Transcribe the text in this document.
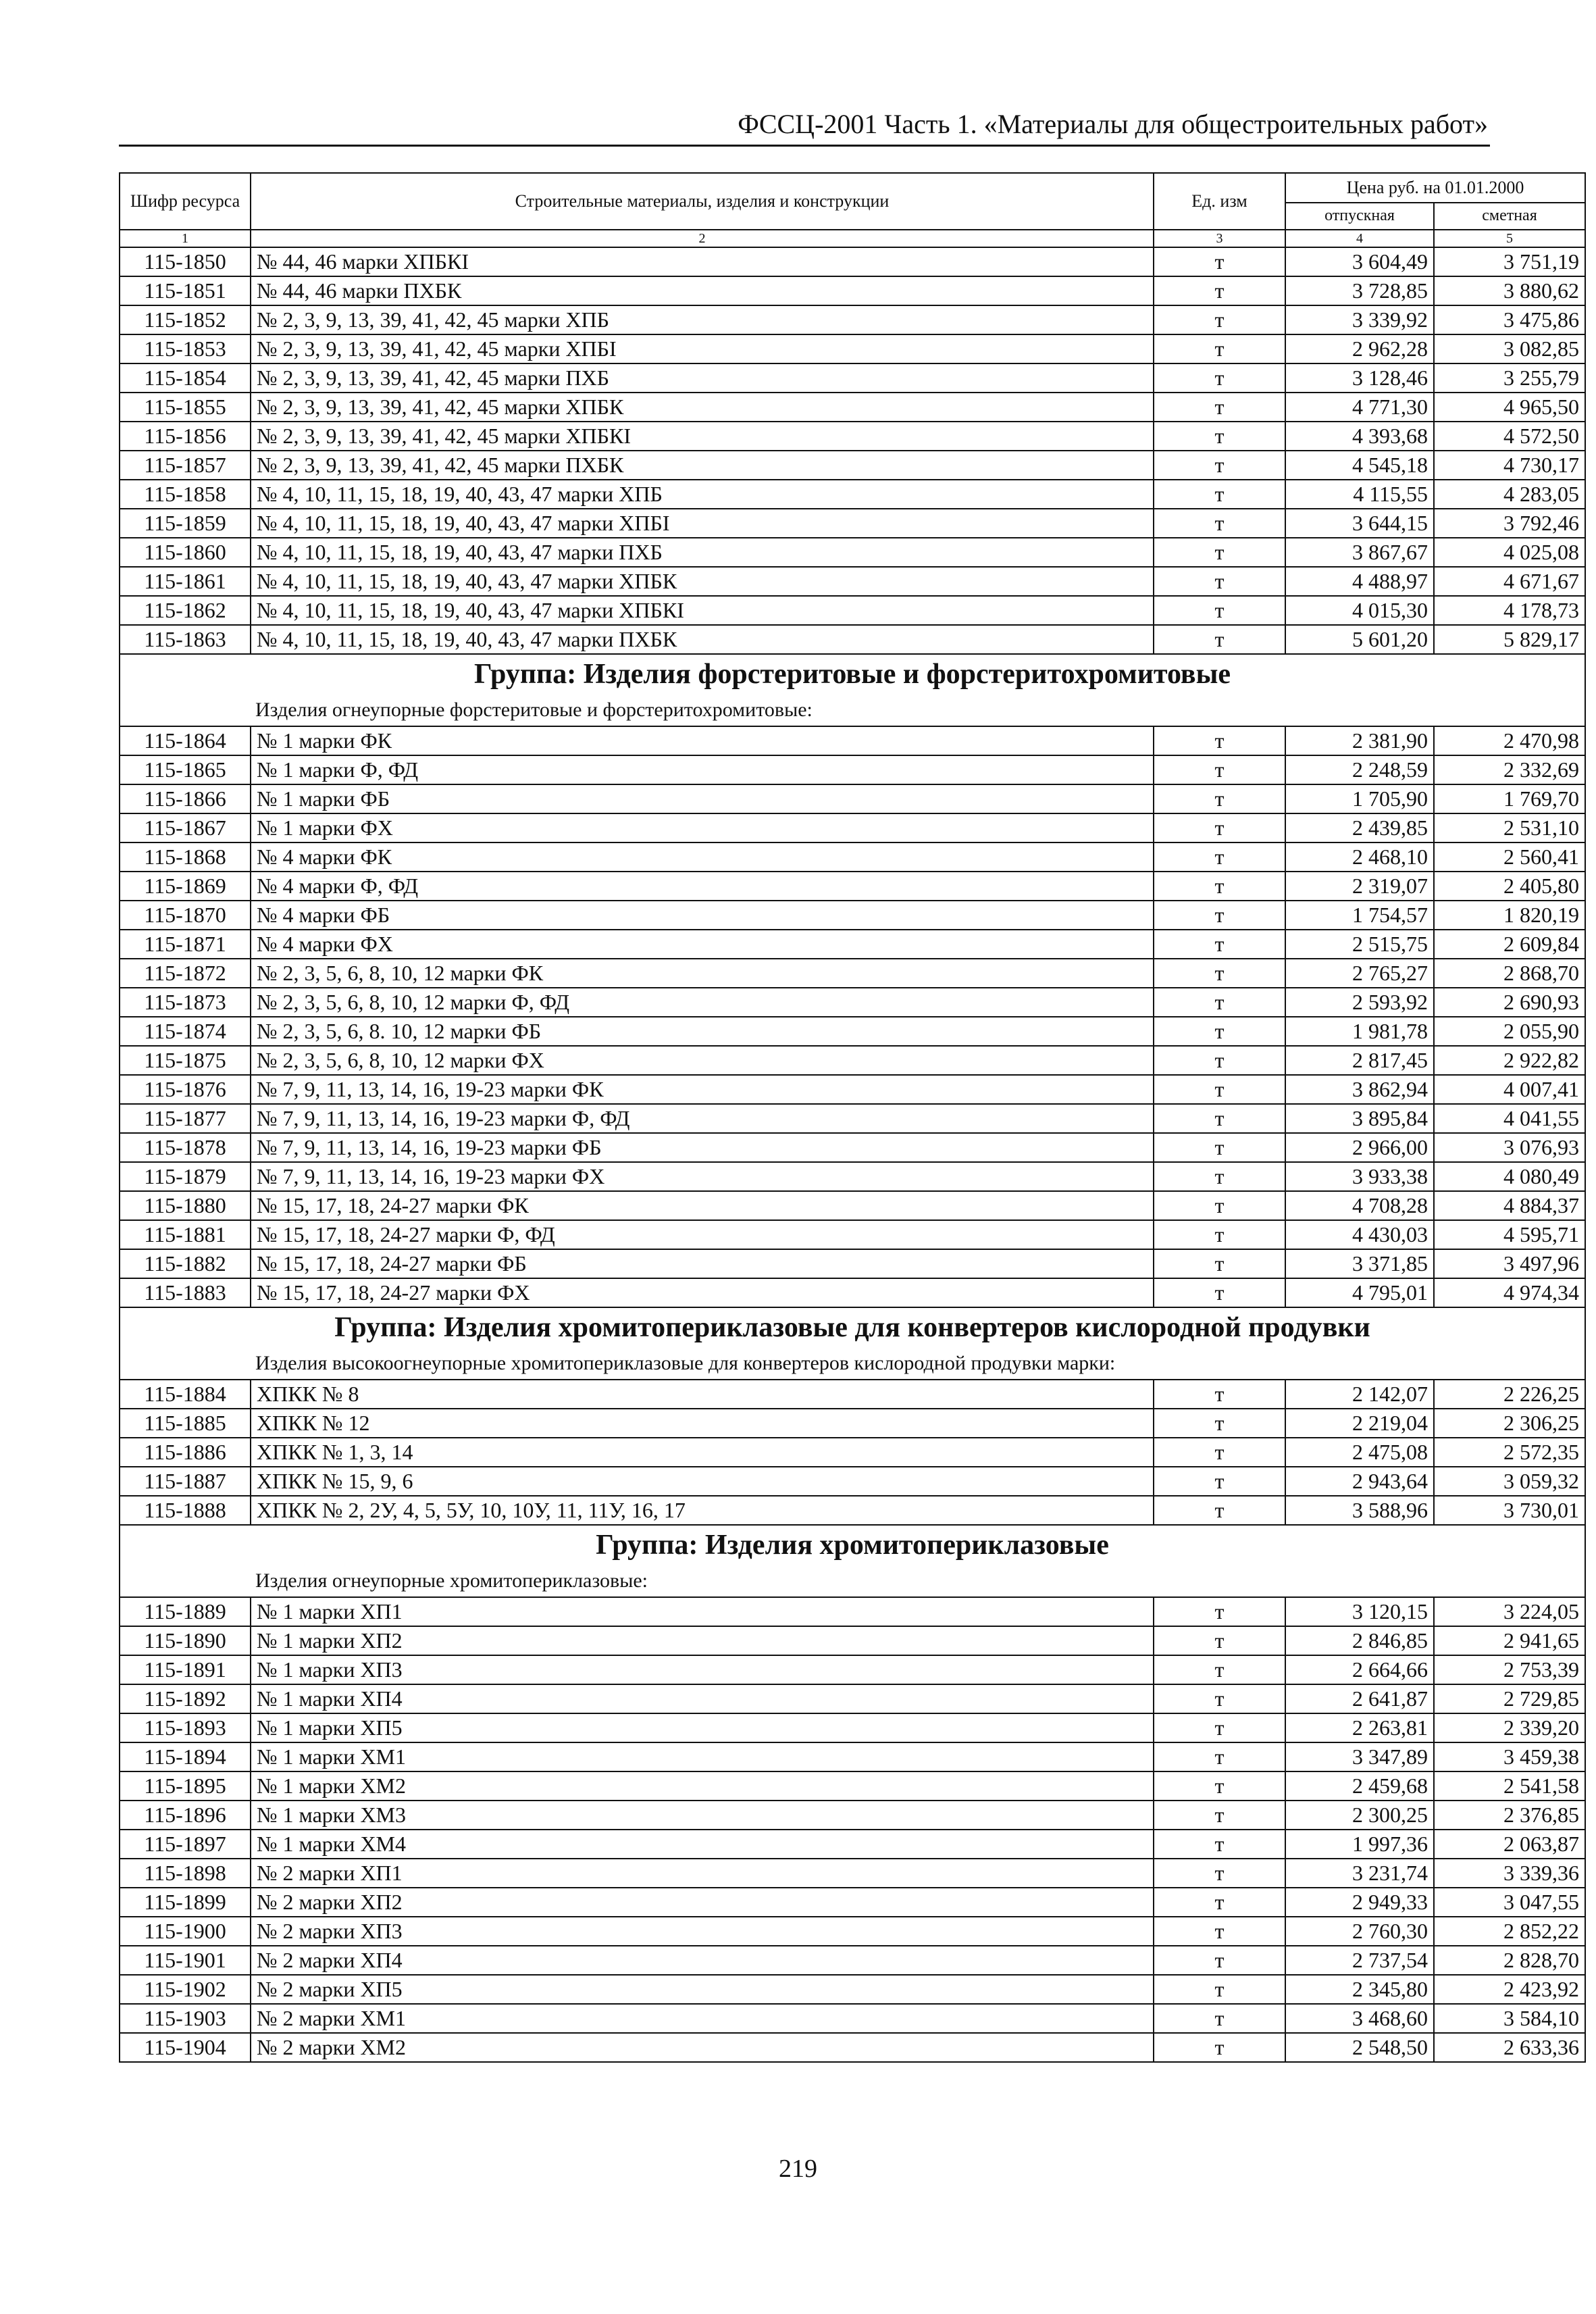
ФССЦ-2001 Часть 1. «Материалы для общестроительных работ»
Шифр ресурса	Строительные материалы, изделия и конструкции	Ед. изм	Цена руб. на 01.01.2000	
			отпускная	сметная
1	2	3	4	5
115-1850	№ 44, 46 марки ХПБКI	т	3 604,49	3 751,19
115-1851	№ 44, 46 марки ПХБК	т	3 728,85	3 880,62
115-1852	№ 2, 3, 9, 13, 39, 41, 42, 45 марки ХПБ	т	3 339,92	3 475,86
115-1853	№ 2, 3, 9, 13, 39, 41, 42, 45 марки ХПБI	т	2 962,28	3 082,85
115-1854	№ 2, 3, 9, 13, 39, 41, 42, 45 марки ПХБ	т	3 128,46	3 255,79
115-1855	№ 2, 3, 9, 13, 39, 41, 42, 45 марки ХПБК	т	4 771,30	4 965,50
115-1856	№ 2, 3, 9, 13, 39, 41, 42, 45 марки ХПБКI	т	4 393,68	4 572,50
115-1857	№ 2, 3, 9, 13, 39, 41, 42, 45 марки ПХБК	т	4 545,18	4 730,17
115-1858	№ 4, 10, 11, 15, 18, 19, 40, 43, 47 марки ХПБ	т	4 115,55	4 283,05
115-1859	№ 4, 10, 11, 15, 18, 19, 40, 43, 47 марки ХПБI	т	3 644,15	3 792,46
115-1860	№ 4, 10, 11, 15, 18, 19, 40, 43, 47 марки ПХБ	т	3 867,67	4 025,08
115-1861	№ 4, 10, 11, 15, 18, 19, 40, 43, 47 марки ХПБК	т	4 488,97	4 671,67
115-1862	№ 4, 10, 11, 15, 18, 19, 40, 43, 47 марки ХПБКI	т	4 015,30	4 178,73
115-1863	№ 4, 10, 11, 15, 18, 19, 40, 43, 47 марки ПХБК	т	5 601,20	5 829,17
Группа: Изделия форстеритовые и форстеритохромитовые				
Изделия огнеупорные форстеритовые и форстеритохромитовые:				
115-1864	№ 1 марки ФК	т	2 381,90	2 470,98
115-1865	№ 1 марки Ф, ФД	т	2 248,59	2 332,69
115-1866	№ 1 марки ФБ	т	1 705,90	1 769,70
115-1867	№ 1 марки ФХ	т	2 439,85	2 531,10
115-1868	№ 4 марки ФК	т	2 468,10	2 560,41
115-1869	№ 4 марки Ф, ФД	т	2 319,07	2 405,80
115-1870	№ 4 марки ФБ	т	1 754,57	1 820,19
115-1871	№ 4 марки ФХ	т	2 515,75	2 609,84
115-1872	№ 2, 3, 5, 6, 8, 10, 12 марки ФК	т	2 765,27	2 868,70
115-1873	№ 2, 3, 5, 6, 8, 10, 12 марки Ф, ФД	т	2 593,92	2 690,93
115-1874	№ 2, 3, 5, 6, 8. 10, 12 марки ФБ	т	1 981,78	2 055,90
115-1875	№ 2, 3, 5, 6, 8, 10, 12 марки ФХ	т	2 817,45	2 922,82
115-1876	№ 7, 9, 11, 13, 14, 16, 19-23 марки ФК	т	3 862,94	4 007,41
115-1877	№ 7, 9, 11, 13, 14, 16, 19-23 марки Ф, ФД	т	3 895,84	4 041,55
115-1878	№ 7, 9, 11, 13, 14, 16, 19-23 марки ФБ	т	2 966,00	3 076,93
115-1879	№ 7, 9, 11, 13, 14, 16, 19-23 марки ФХ	т	3 933,38	4 080,49
115-1880	№ 15, 17, 18, 24-27 марки ФК	т	4 708,28	4 884,37
115-1881	№ 15, 17, 18, 24-27 марки Ф, ФД	т	4 430,03	4 595,71
115-1882	№ 15, 17, 18, 24-27 марки ФБ	т	3 371,85	3 497,96
115-1883	№ 15, 17, 18, 24-27 марки ФХ	т	4 795,01	4 974,34
Группа: Изделия хромитопериклазовые для конвертеров кислородной продувки				
Изделия высокоогнеупорные хромитопериклазовые для конвертеров кислородной продувки марки:				
115-1884	ХПКК № 8	т	2 142,07	2 226,25
115-1885	ХПКК № 12	т	2 219,04	2 306,25
115-1886	ХПКК № 1, 3, 14	т	2 475,08	2 572,35
115-1887	ХПКК № 15, 9, 6	т	2 943,64	3 059,32
115-1888	ХПКК № 2, 2У, 4, 5, 5У, 10, 10У, 11, 11У, 16, 17	т	3 588,96	3 730,01
Группа: Изделия хромитопериклазовые				
Изделия огнеупорные хромитопериклазовые:				
115-1889	№ 1 марки ХП1	т	3 120,15	3 224,05
115-1890	№ 1 марки ХП2	т	2 846,85	2 941,65
115-1891	№ 1 марки ХП3	т	2 664,66	2 753,39
115-1892	№ 1 марки ХП4	т	2 641,87	2 729,85
115-1893	№ 1 марки ХП5	т	2 263,81	2 339,20
115-1894	№ 1 марки ХМ1	т	3 347,89	3 459,38
115-1895	№ 1 марки ХМ2	т	2 459,68	2 541,58
115-1896	№ 1 марки ХМ3	т	2 300,25	2 376,85
115-1897	№ 1 марки ХМ4	т	1 997,36	2 063,87
115-1898	№ 2 марки ХП1	т	3 231,74	3 339,36
115-1899	№ 2 марки ХП2	т	2 949,33	3 047,55
115-1900	№ 2 марки ХП3	т	2 760,30	2 852,22
115-1901	№ 2 марки ХП4	т	2 737,54	2 828,70
115-1902	№ 2 марки ХП5	т	2 345,80	2 423,92
115-1903	№ 2 марки ХМ1	т	3 468,60	3 584,10
115-1904	№ 2 марки ХМ2	т	2 548,50	2 633,36
219
